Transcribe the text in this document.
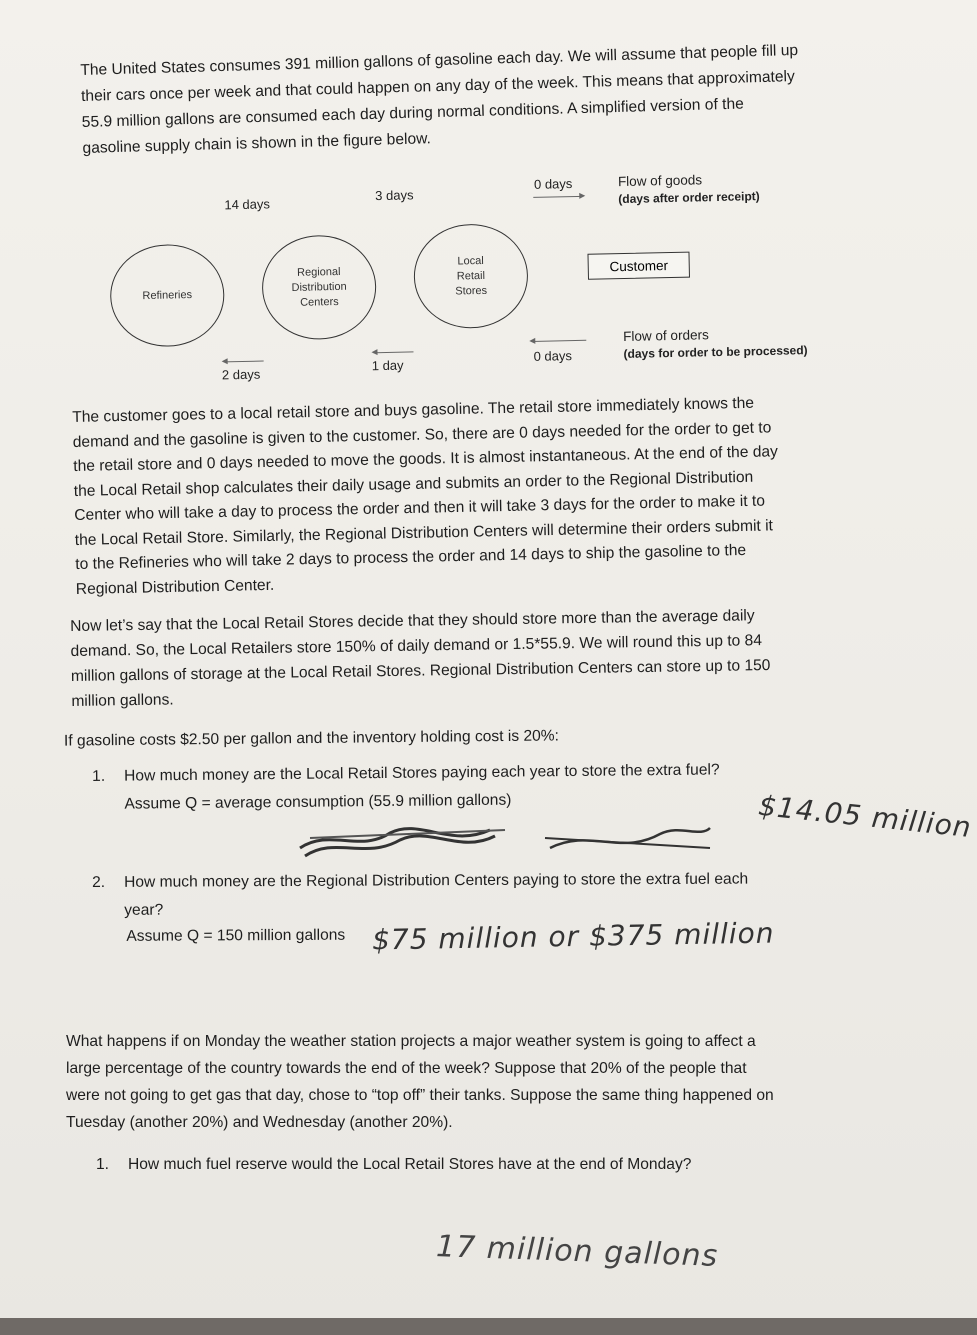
The United States consumes 391 million gallons of gasoline each day. We will assume that people fill up

their cars once per week and that could happen on any day of the week. This means that approximately

55.9 million gallons are consumed each day during normal conditions. A simplified version of the

gasoline supply chain is shown in the figure below.

14 days
3 days
0 days	Flow of goods
(days after order receipt)
Refineries
Regional
Distribution
Centers
Local
Retail
Stores
Customer
2 days
1 day
0 days
Flow of orders
(days for order to be processed)

The customer goes to a local retail store and buys gasoline. The retail store immediately knows the

demand and the gasoline is given to the customer. So, there are 0 days needed for the order to get to

the retail store and 0 days needed to move the goods. It is almost instantaneous. At the end of the day

the Local Retail shop calculates their daily usage and submits an order to the Regional Distribution

Center who will take a day to process the order and then it will take 3 days for the order to make it to

the Local Retail Store. Similarly, the Regional Distribution Centers will determine their orders submit it

to the Refineries who will take 2 days to process the order and 14 days to ship the gasoline to the

Regional Distribution Center.

Now let’s say that the Local Retail Stores decide that they should store more than the average daily

demand. So, the Local Retailers store 150% of daily demand or 1.5*55.9. We will round this up to 84

million gallons of storage at the Local Retail Stores. Regional Distribution Centers can store up to 150

million gallons.

If gasoline costs $2.50 per gallon and the inventory holding cost is 20%:

1. How much money are the Local Retail Stores paying each year to store the extra fuel?
Assume Q = average consumption (55.9 million gallons)	$14.05 million
2. How much money are the Regional Distribution Centers paying to store the extra fuel each
year?
Assume Q = 150 million gallons $75 million or $375 million

What happens if on Monday the weather station projects a major weather system is going to affect a

large percentage of the country towards the end of the week? Suppose that 20% of the people that

were not going to get gas that day, chose to “top off” their tanks. Suppose the same thing happened on

Tuesday (another 20%) and Wednesday (another 20%).

1. How much fuel reserve would the Local Retail Stores have at the end of Monday?
17 million gallons
